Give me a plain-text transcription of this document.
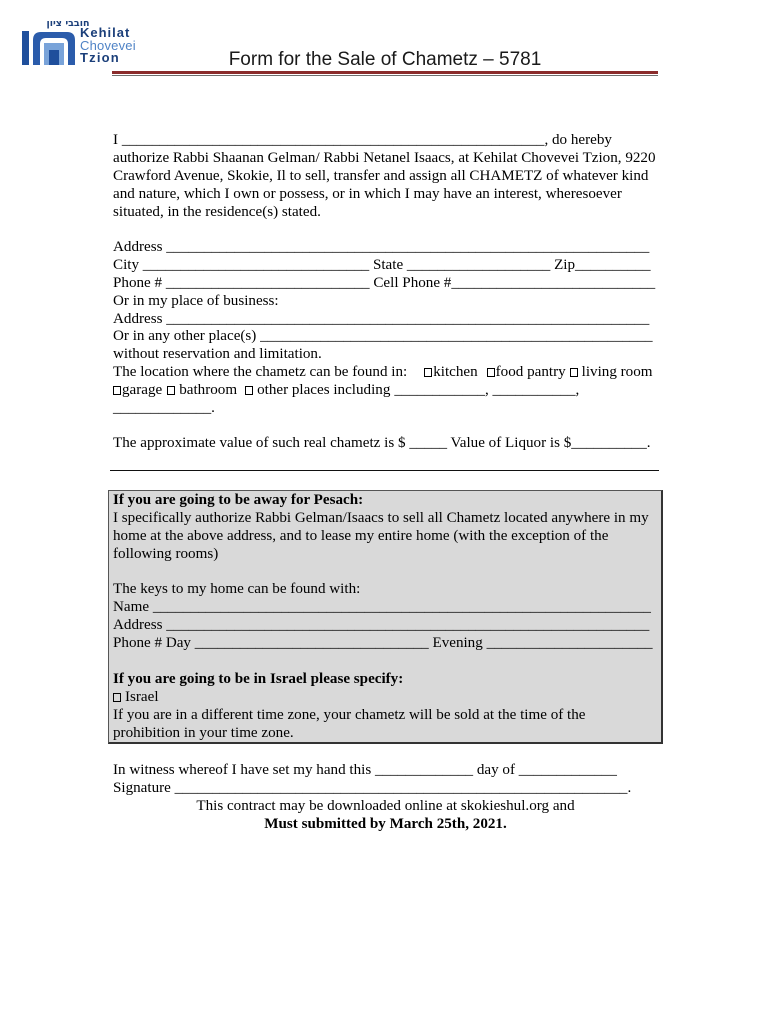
חובבי ציון
Kehilat
Chovevei
Tzion	Form for the Sale of Chametz – 5781
I ________________________________________________________, do hereby
authorize Rabbi Shaanan Gelman/ Rabbi Netanel Isaacs, at Kehilat Chovevei Tzion, 9220
Crawford Avenue, Skokie, Il to sell, transfer and assign all CHAMETZ of whatever kind
and nature, which I own or possess, or in which I may have an interest, wheresoever
situated, in the residence(s) stated.
Address ________________________________________________________________
City ______________________________ State ___________________ Zip__________
Phone # ___________________________ Cell Phone #___________________________
Or in my place of business:
Address ________________________________________________________________
Or in any other place(s) ____________________________________________________
without reservation and limitation.
The location where the chametz can be found in: kitchen food pantry living room
garage bathroom other places including ____________, ___________,
_____________.
The approximate value of such real chametz is $ _____ Value of Liquor is $__________.
If you are going to be away for Pesach:
I specifically authorize Rabbi Gelman/Isaacs to sell all Chametz located anywhere in my
home at the above address, and to lease my entire home (with the exception of the
following rooms)
The keys to my home can be found with:
Name __________________________________________________________________
Address ________________________________________________________________
Phone # Day _______________________________ Evening ______________________
If you are going to be in Israel please specify:
Israel
If you are in a different time zone, your chametz will be sold at the time of the
prohibition in your time zone.
In witness whereof I have set my hand this _____________ day of _____________
Signature ____________________________________________________________.
This contract may be downloaded online at skokieshul.org and
Must submitted by March 25th, 2021.
